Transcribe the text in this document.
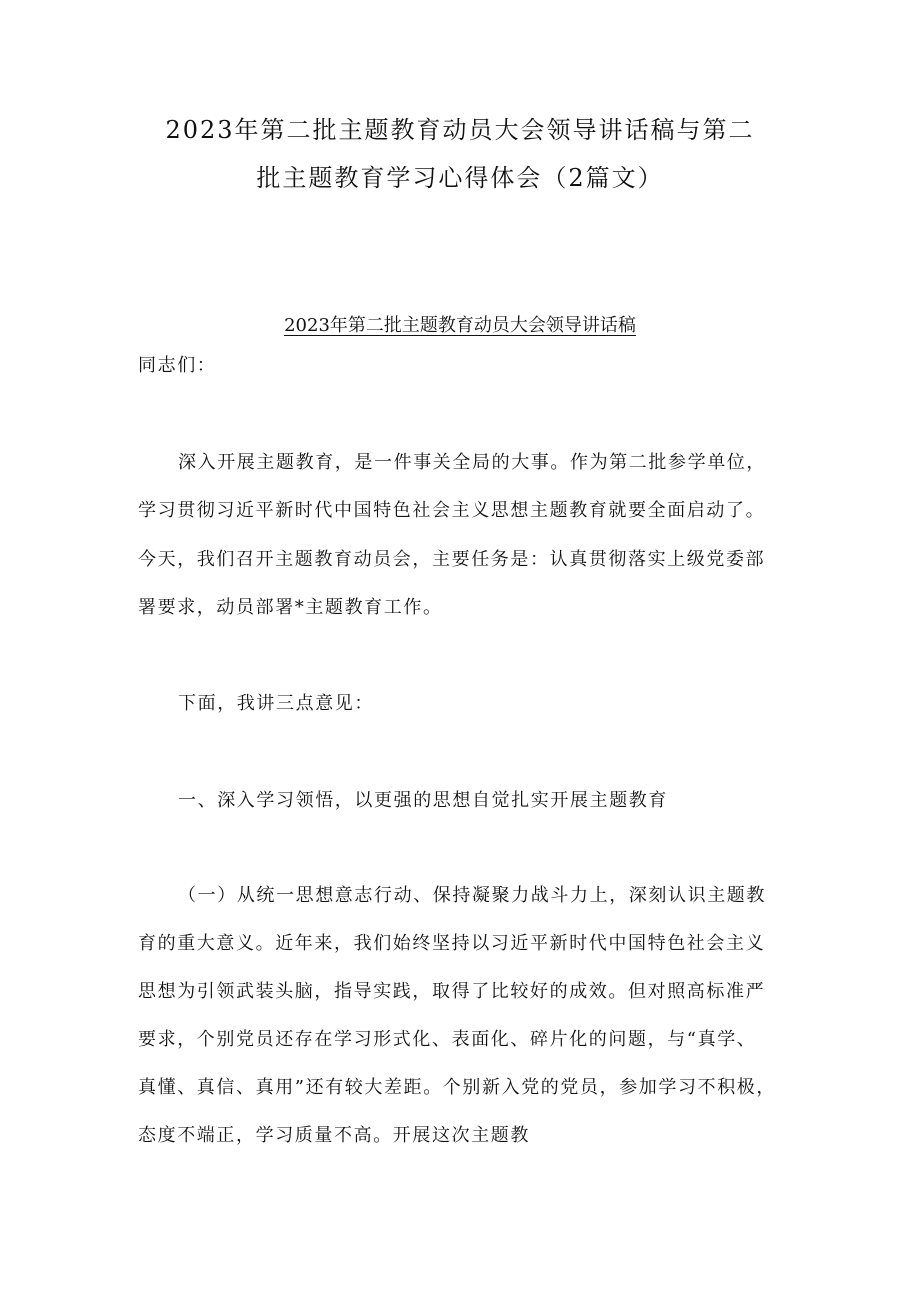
2023年第二批主题教育动员大会领导讲话稿与第二
批主题教育学习心得体会（2篇文）
2023年第二批主题教育动员大会领导讲话稿
同志们：
深入开展主题教育，是一件事关全局的大事。作为第二批参学单位，
学习贯彻习近平新时代中国特色社会主义思想主题教育就要全面启动了。
今天，我们召开主题教育动员会，主要任务是：认真贯彻落实上级党委部
署要求，动员部署*主题教育工作。
下面，我讲三点意见：
一、深入学习领悟，以更强的思想自觉扎实开展主题教育
（一）从统一思想意志行动、保持凝聚力战斗力上，深刻认识主题教
育的重大意义。近年来，我们始终坚持以习近平新时代中国特色社会主义
思想为引领武装头脑，指导实践，取得了比较好的成效。但对照高标准严
要求，个别党员还存在学习形式化、表面化、碎片化的问题，与“真学、
真懂、真信、真用”还有较大差距。个别新入党的党员，参加学习不积极，
态度不端正，学习质量不高。开展这次主题教
